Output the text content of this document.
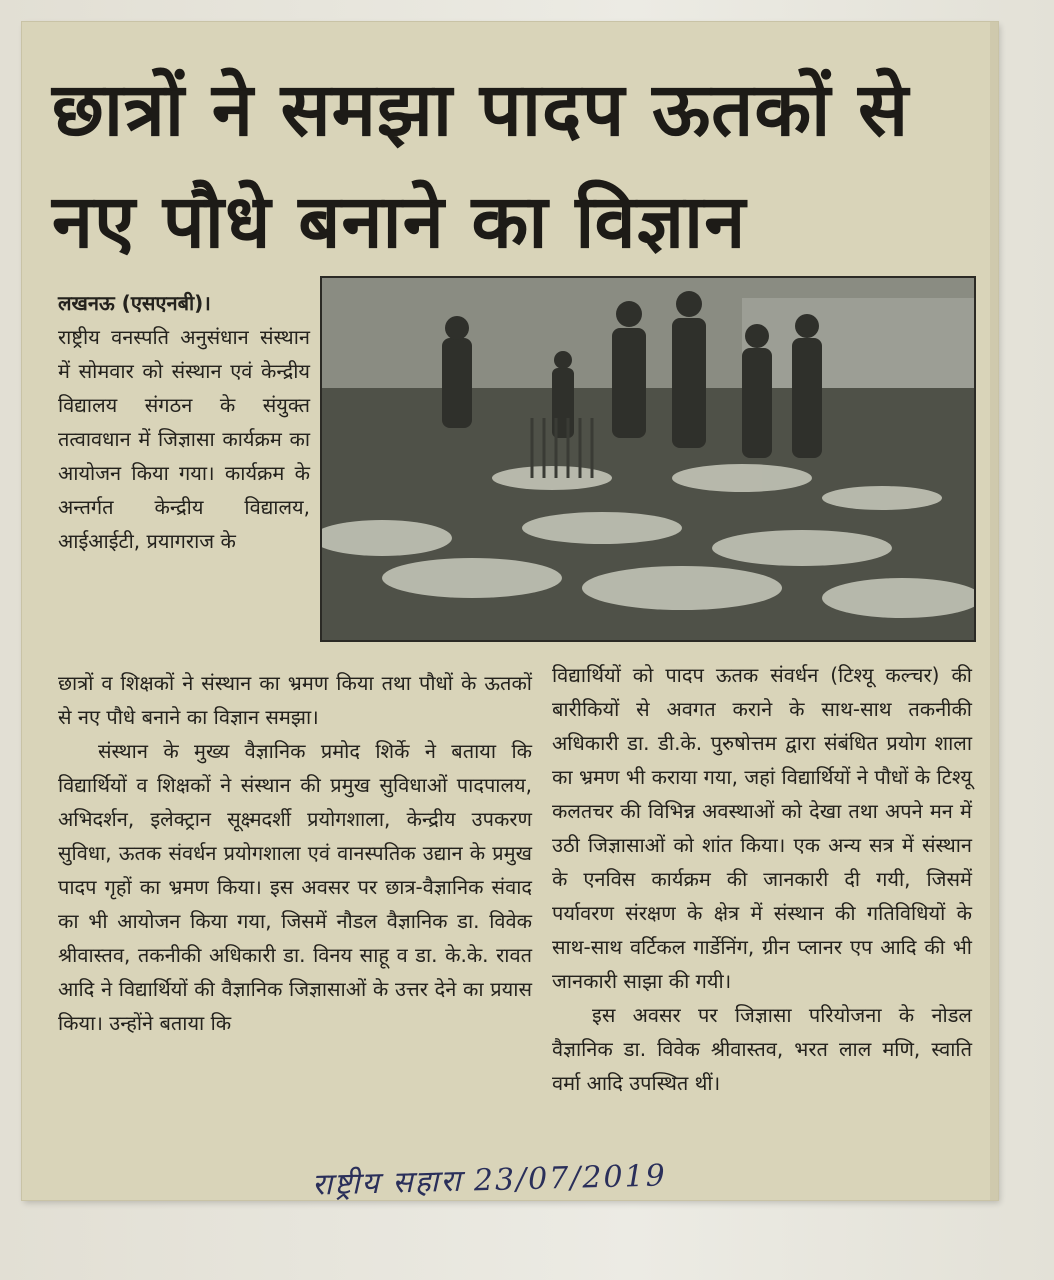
छात्रों ने समझा पादप ऊतकों से नए पौधे बनाने का विज्ञान

लखनऊ (एसएनबी)।

राष्ट्रीय वनस्पति अनुसंधान संस्थान में सोमवार को संस्थान एवं केन्द्रीय विद्यालय संगठन के संयुक्त तत्वावधान में जिज्ञासा कार्यक्रम का आयोजन किया गया। कार्यक्रम के अन्तर्गत केन्द्रीय विद्यालय, आईआईटी, प्रयागराज के

छात्रों व शिक्षकों ने संस्थान का भ्रमण किया तथा पौधों के ऊतकों से नए पौधे बनाने का विज्ञान समझा।

संस्थान के मुख्य वैज्ञानिक प्रमोद शिर्के ने बताया कि विद्यार्थियों व शिक्षकों ने संस्थान की प्रमुख सुविधाओं पादपालय, अभिदर्शन, इलेक्ट्रान सूक्ष्मदर्शी प्रयोगशाला, केन्द्रीय उपकरण सुविधा, ऊतक संवर्धन प्रयोगशाला एवं वानस्पतिक उद्यान के प्रमुख पादप गृहों का भ्रमण किया। इस अवसर पर छात्र-वैज्ञानिक संवाद का भी आयोजन किया गया, जिसमें नौडल वैज्ञानिक डा. विवेक श्रीवास्तव, तकनीकी अधिकारी डा. विनय साहू व डा. के.के. रावत आदि ने विद्यार्थियों की वैज्ञानिक जिज्ञासाओं के उत्तर देने का प्रयास किया। उन्होंने बताया कि

विद्यार्थियों को पादप ऊतक संवर्धन (टिश्यू कल्चर) की बारीकियों से अवगत कराने के साथ-साथ तकनीकी अधिकारी डा. डी.के. पुरुषोत्तम द्वारा संबंधित प्रयोग शाला का भ्रमण भी कराया गया, जहां विद्यार्थियों ने पौधों के टिश्यू कलतचर की विभिन्न अवस्थाओं को देखा तथा अपने मन में उठी जिज्ञासाओं को शांत किया। एक अन्य सत्र में संस्थान के एनविस कार्यक्रम की जानकारी दी गयी, जिसमें पर्यावरण संरक्षण के क्षेत्र में संस्थान की गतिविधियों के साथ-साथ वर्टिकल गार्डेनिंग, ग्रीन प्लानर एप आदि की भी जानकारी साझा की गयी।

इस अवसर पर जिज्ञासा परियोजना के नोडल वैज्ञानिक डा. विवेक श्रीवास्तव, भरत लाल मणि, स्वाति वर्मा आदि उपस्थित थीं।

राष्ट्रीय सहारा 23/07/2019
